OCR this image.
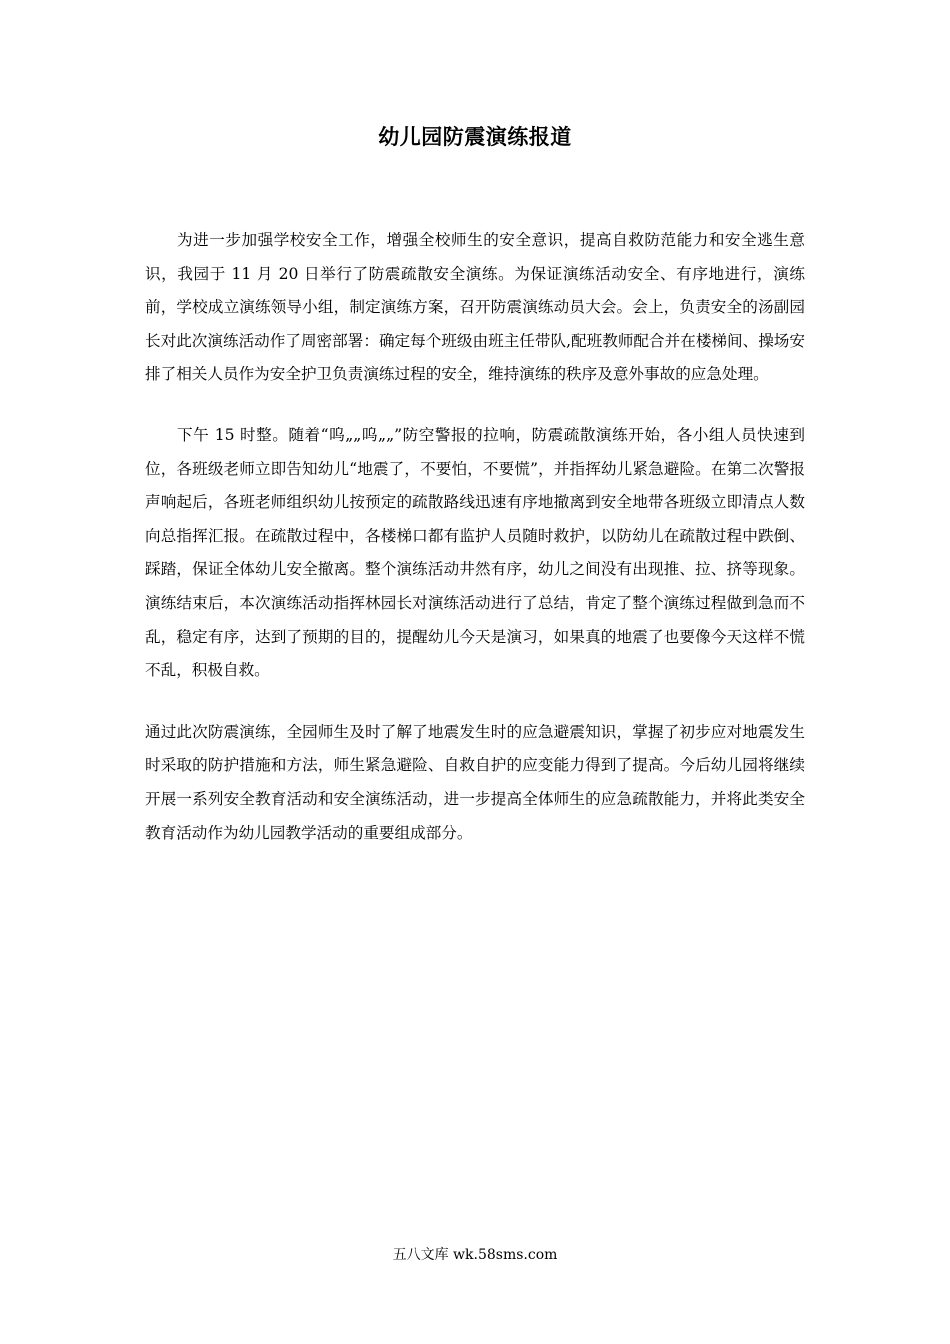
幼儿园防震演练报道

为进一步加强学校安全工作，增强全校师生的安全意识，提高自救防范能力和安全逃生意识，我园于 11 月 20 日举行了防震疏散安全演练。为保证演练活动安全、有序地进行，演练前，学校成立演练领导小组，制定演练方案，召开防震演练动员大会。会上，负责安全的汤副园长对此次演练活动作了周密部署：确定每个班级由班主任带队,配班教师配合并在楼梯间、操场安排了相关人员作为安全护卫负责演练过程的安全，维持演练的秩序及意外事故的应急处理。

下午 15 时整。随着“呜„„呜„„”防空警报的拉响，防震疏散演练开始，各小组人员快速到位，各班级老师立即告知幼儿“地震了，不要怕，不要慌”，并指挥幼儿紧急避险。在第二次警报声响起后，各班老师组织幼儿按预定的疏散路线迅速有序地撤离到安全地带各班级立即清点人数向总指挥汇报。在疏散过程中，各楼梯口都有监护人员随时救护，以防幼儿在疏散过程中跌倒、踩踏，保证全体幼儿安全撤离。整个演练活动井然有序，幼儿之间没有出现推、拉、挤等现象。演练结束后，本次演练活动指挥林园长对演练活动进行了总结，肯定了整个演练过程做到急而不乱，稳定有序，达到了预期的目的，提醒幼儿今天是演习，如果真的地震了也要像今天这样不慌不乱，积极自救。

通过此次防震演练，全园师生及时了解了地震发生时的应急避震知识，掌握了初步应对地震发生时采取的防护措施和方法，师生紧急避险、自救自护的应变能力得到了提高。今后幼儿园将继续开展一系列安全教育活动和安全演练活动，进一步提高全体师生的应急疏散能力，并将此类安全教育活动作为幼儿园教学活动的重要组成部分。

五八文库 wk.58sms.com
